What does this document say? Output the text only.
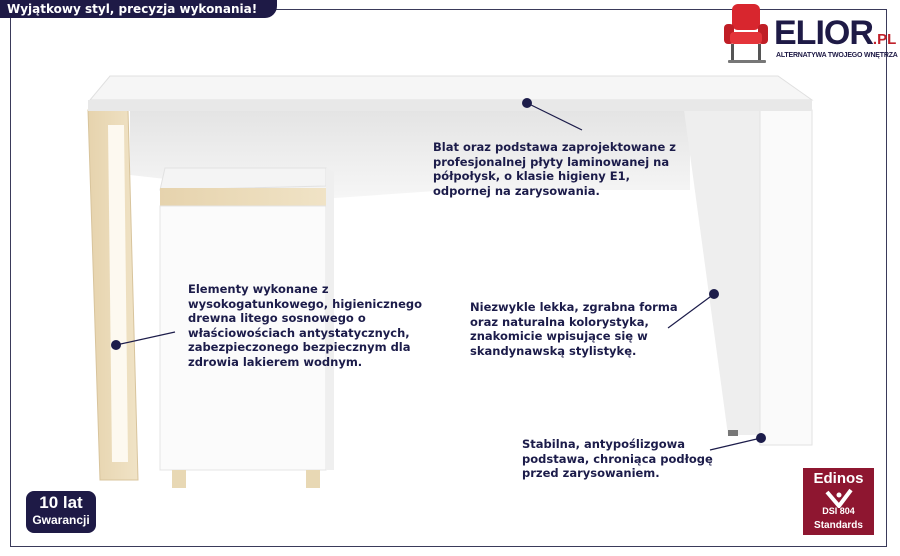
Wyjątkowy styl, precyzja wykonania!
ELIOR.PL
ALTERNATYWA TWOJEGO WNĘTRZA
Blat oraz podstawa zaprojektowane z
profesjonalnej płyty laminowanej na
półpołysk, o klasie higieny E1,
odpornej na zarysowania.
Elementy wykonane z
wysokogatunkowego, higienicznego
drewna litego sosnowego o
właściowościach antystatycznych,
zabezpieczonego bezpiecznym dla
zdrowia lakierem wodnym.
Niezwykle lekka, zgrabna forma
oraz naturalna kolorystyka,
znakomicie wpisujące się w
skandynawską stylistykę.
Stabilna, antypoślizgowa
podstawa, chroniąca podłogę
przed zarysowaniem.
10 lat
Gwarancji
Edinos
DSI 804
Standards
